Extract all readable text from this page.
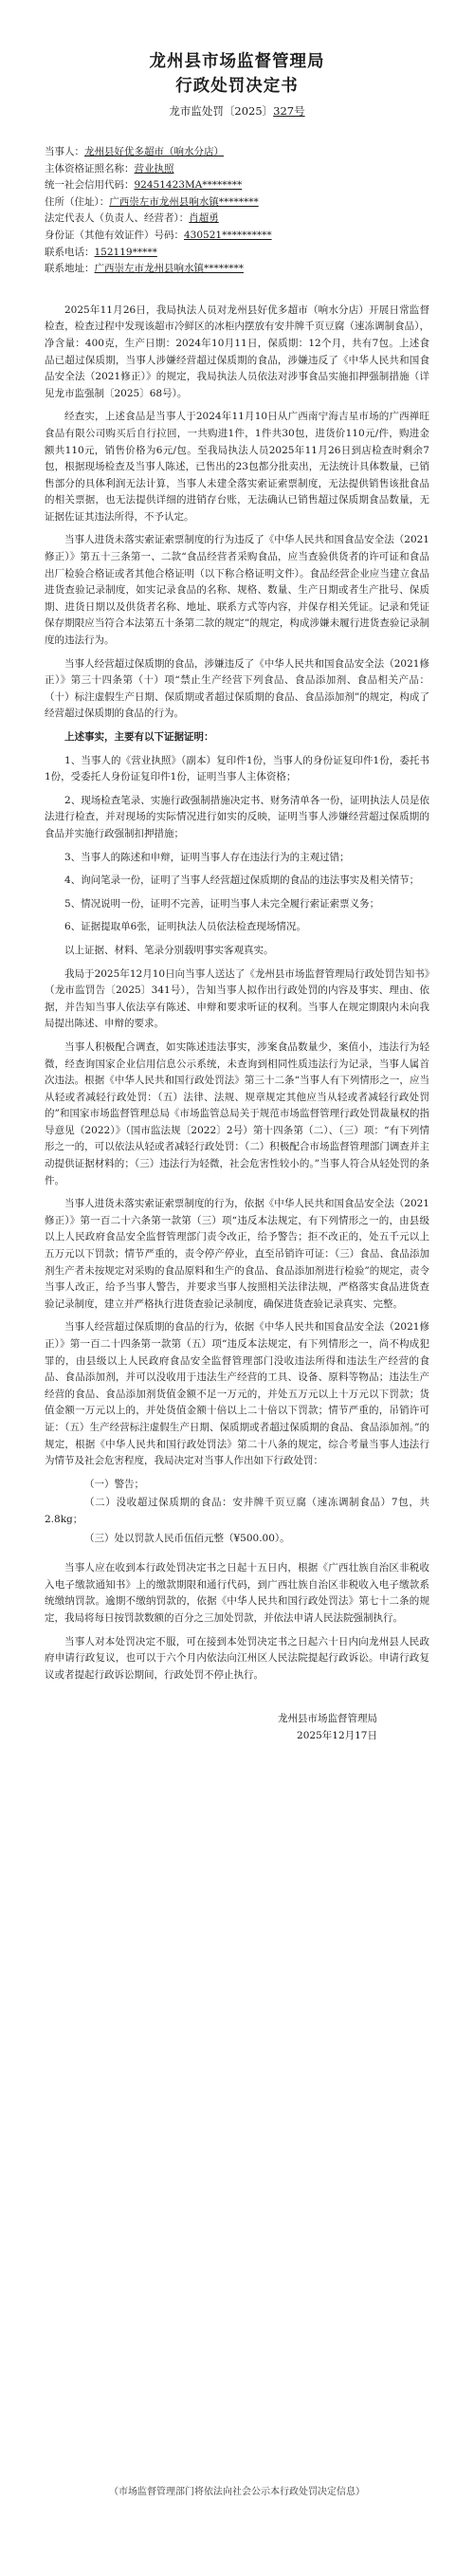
龙州县市场监督管理局
行政处罚决定书
龙市监处罚〔2025〕327号
当事人：龙州县好优多超市（响水分店）
主体资格证照名称：营业执照
统一社会信用代码：92451423MA********
住所（住址）：广西崇左市龙州县响水镇********
法定代表人（负责人、经营者）：肖超勇
身份证（其他有效证件）号码：430521**********
联系电话：152119*****
联系地址：广西崇左市龙州县响水镇********

2025年11月26日，我局执法人员对龙州县好优多超市（响水分店）开展日常监督检查，检查过程中发现该超市冷鲜区的冰柜内摆放有安井牌千页豆腐（速冻调制食品），净含量：400克，生产日期：2024年10月11日，保质期：12个月，共有7包。上述食品已超过保质期，当事人涉嫌经营超过保质期的食品，涉嫌违反了《中华人民共和国食品安全法（2021修正）》的规定，我局执法人员依法对涉事食品实施扣押强制措施（详见龙市监强制〔2025〕68号）。

经查实，上述食品是当事人于2024年11月10日从广西南宁海吉星市场的广西禅旺食品有限公司购买后自行拉回，一共购进1件，1件共30包，进货价110元/件，购进金额共110元，销售价格为6元/包。至我局执法人员2025年11月26日到店检查时剩余7包，根据现场检查及当事人陈述，已售出的23包都分批卖出，无法统计具体数量，已销售部分的具体利润无法计算，当事人未建全落实索证索票制度，无法提供销售该批食品的相关票据，也无法提供详细的进销存台账，无法确认已销售超过保质期食品数量，无证据佐证其违法所得，不予认定。

当事人进货未落实索证索票制度的行为违反了《中华人民共和国食品安全法（2021修正）》第五十三条第一、二款“食品经营者采购食品，应当查验供货者的许可证和食品出厂检验合格证或者其他合格证明（以下称合格证明文件）。食品经营企业应当建立食品进货查验记录制度，如实记录食品的名称、规格、数量、生产日期或者生产批号、保质期、进货日期以及供货者名称、地址、联系方式等内容，并保存相关凭证。记录和凭证保存期限应当符合本法第五十条第二款的规定”的规定，构成涉嫌未履行进货查验记录制度的违法行为。

当事人经营超过保质期的食品，涉嫌违反了《中华人民共和国食品安全法（2021修正）》第三十四条第（十）项“禁止生产经营下列食品、食品添加剂、食品相关产品：（十）标注虚假生产日期、保质期或者超过保质期的食品、食品添加剂”的规定，构成了经营超过保质期的食品的行为。

上述事实，主要有以下证据证明：

1、当事人的《营业执照》（副本）复印件1份，当事人的身份证复印件1份，委托书1份，受委托人身份证复印件1份，证明当事人主体资格；

2、现场检查笔录、实施行政强制措施决定书、财务清单各一份，证明执法人员是依法进行检查，并对现场的实际情况进行如实的反映，证明当事人涉嫌经营超过保质期的食品并实施行政强制扣押措施；

3、当事人的陈述和申辩，证明当事人存在违法行为的主观过错；

4、询问笔录一份，证明了当事人经营超过保质期的食品的违法事实及相关情节；

5、情况说明一份，证明不完善，证明当事人未完全履行索证索票义务；

6、证据提取单6张，证明执法人员依法检查现场情况。

以上证据、材料、笔录分别载明事实客观真实。

我局于2025年12月10日向当事人送达了《龙州县市场监督管理局行政处罚告知书》（龙市监罚告〔2025〕341号），告知当事人拟作出行政处罚的内容及事实、理由、依据，并告知当事人依法享有陈述、申辩和要求听证的权利。当事人在规定期限内未向我局提出陈述、申辩的要求。

当事人积极配合调查，如实陈述违法事实，涉案食品数量少，案值小，违法行为轻微，经查询国家企业信用信息公示系统，未查询到相同性质违法行为记录，当事人属首次违法。根据《中华人民共和国行政处罚法》第三十二条“当事人有下列情形之一，应当从轻或者减轻行政处罚：（五）法律、法规、规章规定其他应当从轻或者减轻行政处罚的”和国家市场监督管理总局《市场监管总局关于规范市场监督管理行政处罚裁量权的指导意见（2022）》（国市监法规〔2022〕2号）第十四条第（二）、（三）项：“有下列情形之一的，可以依法从轻或者减轻行政处罚：（二）积极配合市场监督管理部门调查并主动提供证据材料的；（三）违法行为轻微，社会危害性较小的。”当事人符合从轻处罚的条件。

当事人进货未落实索证索票制度的行为，依据《中华人民共和国食品安全法（2021修正）》第一百二十六条第一款第（三）项“违反本法规定，有下列情形之一的，由县级以上人民政府食品安全监督管理部门责令改正，给予警告；拒不改正的，处五千元以上五万元以下罚款；情节严重的，责令停产停业，直至吊销许可证：（三）食品、食品添加剂生产者未按规定对采购的食品原料和生产的食品、食品添加剂进行检验”的规定，责令当事人改正，给予当事人警告，并要求当事人按照相关法律法规，严格落实食品进货查验记录制度，建立并严格执行进货查验记录制度，确保进货查验记录真实、完整。

当事人经营超过保质期的食品的行为，依据《中华人民共和国食品安全法（2021修正）》第一百二十四条第一款第（五）项“违反本法规定，有下列情形之一，尚不构成犯罪的，由县级以上人民政府食品安全监督管理部门没收违法所得和违法生产经营的食品、食品添加剂，并可以没收用于违法生产经营的工具、设备、原料等物品；违法生产经营的食品、食品添加剂货值金额不足一万元的，并处五万元以上十万元以下罚款；货值金额一万元以上的，并处货值金额十倍以上二十倍以下罚款；情节严重的，吊销许可证：（五）生产经营标注虚假生产日期、保质期或者超过保质期的食品、食品添加剂。”的规定，根据《中华人民共和国行政处罚法》第二十八条的规定，综合考量当事人违法行为情节及社会危害程度，我局决定对当事人作出如下行政处罚：

（一）警告；

（二）没收超过保质期的食品：安井牌千页豆腐（速冻调制食品）7包，共2.8kg；

（三）处以罚款人民币伍佰元整（¥500.00）。

当事人应在收到本行政处罚决定书之日起十五日内，根据《广西壮族自治区非税收入电子缴款通知书》上的缴款期限和通行代码，到广西壮族自治区非税收入电子缴款系统缴纳罚款。逾期不缴纳罚款的，依据《中华人民共和国行政处罚法》第七十二条的规定，我局将每日按罚款数额的百分之三加处罚款，并依法申请人民法院强制执行。

当事人对本处罚决定不服，可在接到本处罚决定书之日起六十日内向龙州县人民政府申请行政复议，也可以于六个月内依法向江州区人民法院提起行政诉讼。申请行政复议或者提起行政诉讼期间，行政处罚不停止执行。

龙州县市场监督管理局
2025年12月17日
（市场监督管理部门将依法向社会公示本行政处罚决定信息）
